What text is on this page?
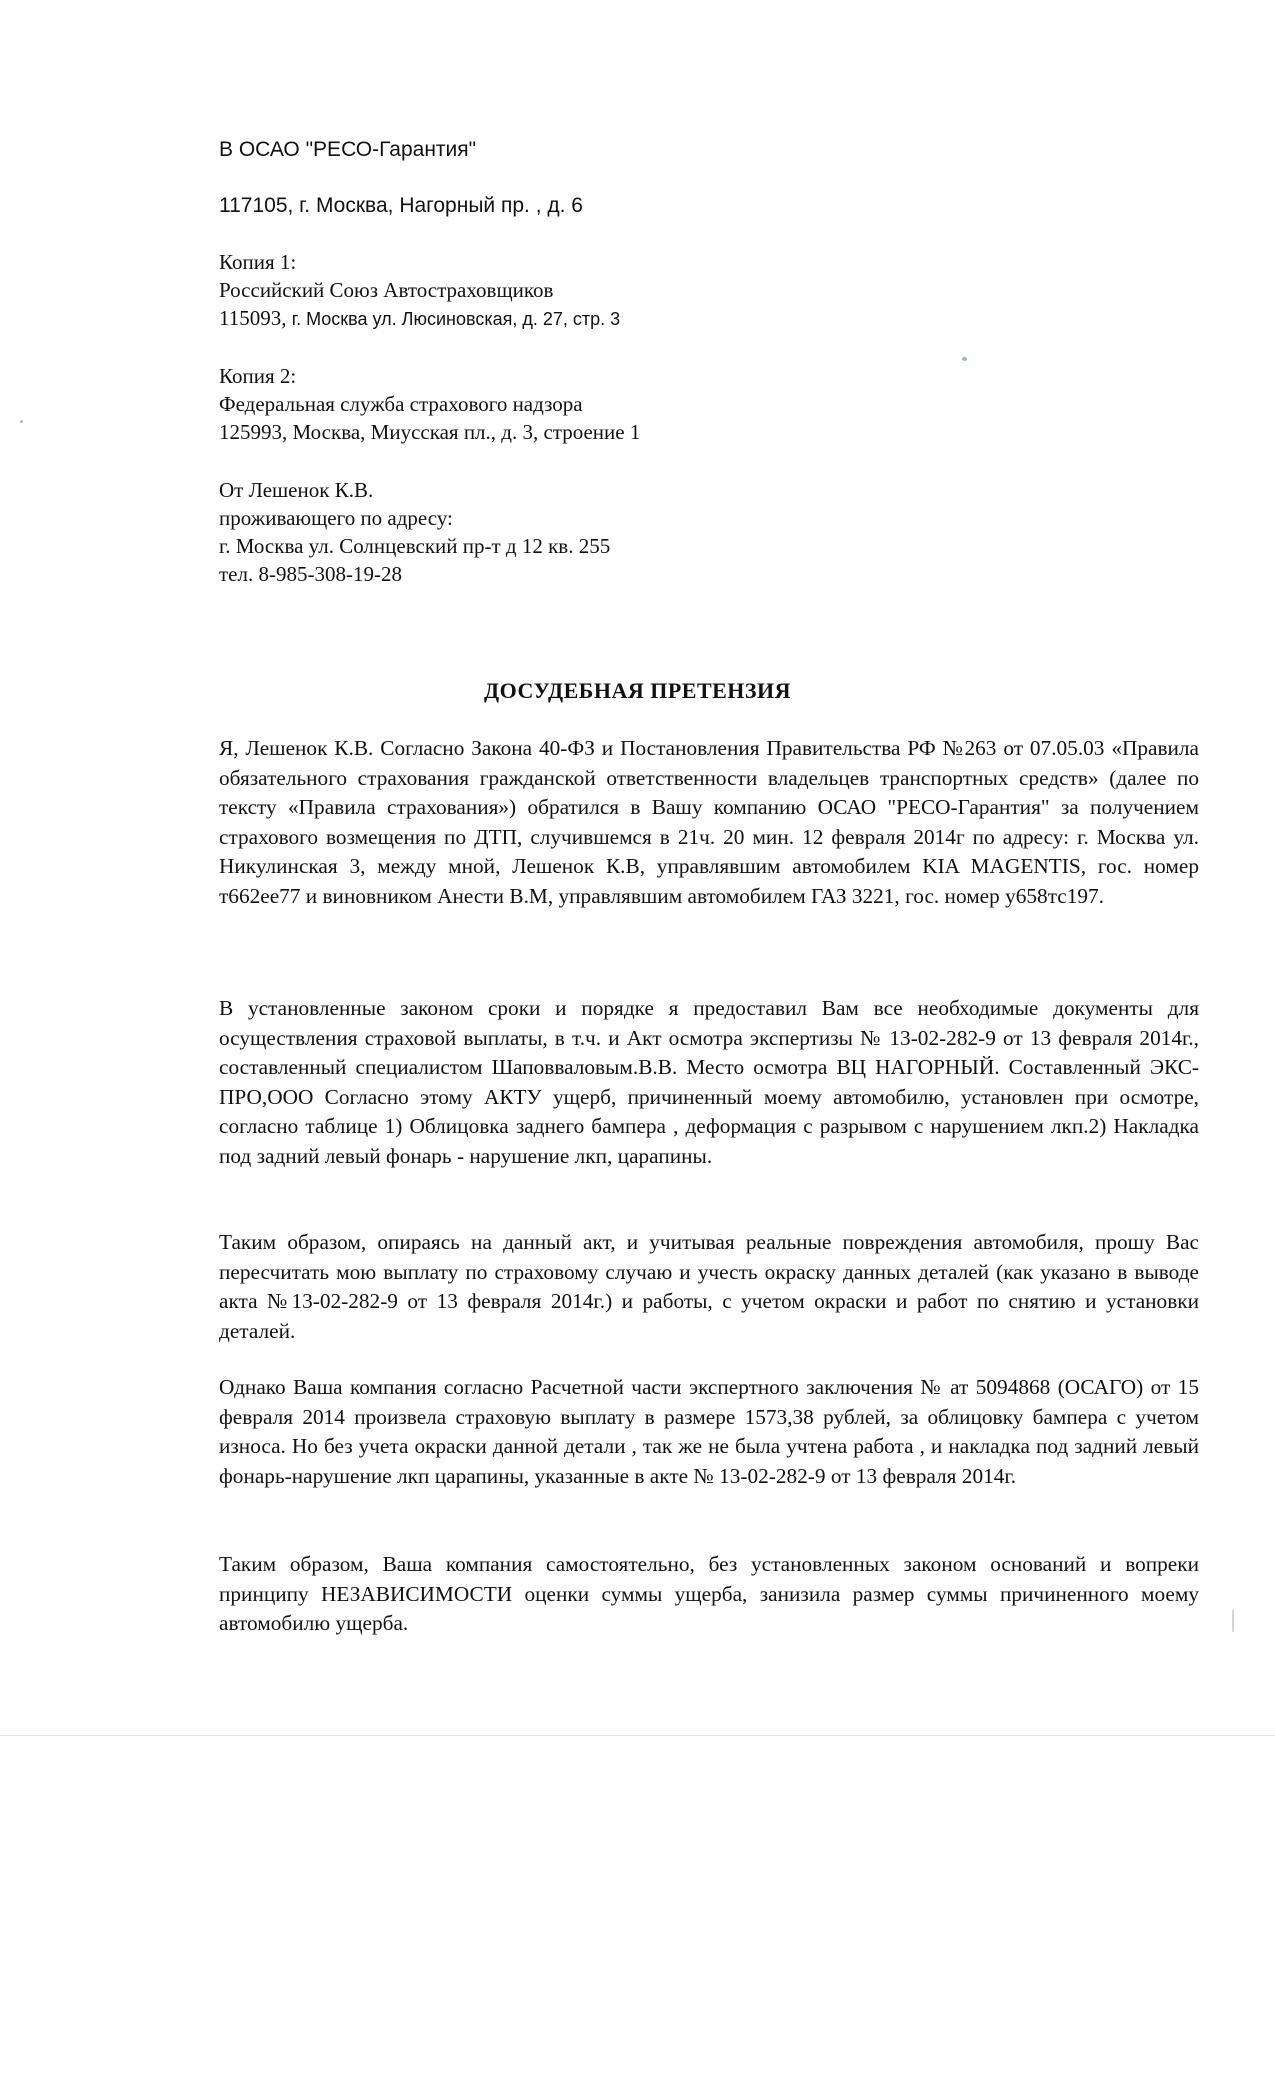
В ОСАО "РЕСО-Гарантия"
117105, г. Москва, Нагорный пр. , д. 6
Копия 1:
Российский Союз Автостраховщиков
115093, г. Москва ул. Люсиновская, д. 27, стр. 3
Копия 2:
Федеральная служба страхового надзора
125993, Москва, Миусская пл., д. 3, строение 1
От Лешенок К.В.
проживающего по адресу:
г. Москва ул. Солнцевский пр-т д 12 кв. 255
тел. 8-985-308-19-28
ДОСУДЕБНАЯ ПРЕТЕНЗИЯ
Я, Лешенок К.В. Согласно Закона 40-ФЗ и Постановления Правительства РФ №263 от 07.05.03 «Правила обязательного страхования гражданской ответственности владельцев транспортных средств» (далее по тексту «Правила страхования») обратился в Вашу компанию ОСАО "РЕСО-Гарантия" за получением страхового возмещения по ДТП, случившемся в 21ч. 20 мин. 12 февраля 2014г по адресу: г. Москва ул. Никулинская 3, между мной, Лешенок К.В, управлявшим автомобилем KIA MAGENTIS, гос. номер т662ее77 и виновником Анести В.М, управлявшим автомобилем ГАЗ 3221, гос. номер у658тс197.
В установленные законом сроки и порядке я предоставил Вам все необходимые документы для осуществления страховой выплаты, в т.ч. и Акт осмотра экспертизы № 13-02-282-9 от 13 февраля 2014г., составленный специалистом Шаповваловым.В.В. Место осмотра ВЦ НАГОРНЫЙ. Составленный ЭКС-ПРО,ООО Согласно этому АКТУ ущерб, причиненный моему автомобилю, установлен при осмотре, согласно таблице 1) Облицовка заднего бампера , деформация с разрывом с нарушением лкп.2) Накладка под задний левый фонарь - нарушение лкп, царапины.
Таким образом, опираясь на данный акт, и учитывая реальные повреждения автомобиля, прошу Вас пересчитать мою выплату по страховому случаю и учесть окраску данных деталей (как указано в выводе акта №13-02-282-9 от 13 февраля 2014г.) и работы, с учетом окраски и работ по снятию и установки деталей.
Однако Ваша компания согласно Расчетной части экспертного заключения № ат 5094868 (ОСАГО) от 15 февраля 2014 произвела страховую выплату в размере 1573,38 рублей, за облицовку бампера с учетом износа. Но без учета окраски данной детали , так же не была учтена работа , и накладка под задний левый фонарь-нарушение лкп царапины, указанные в акте № 13-02-282-9 от 13 февраля 2014г.
Таким образом, Ваша компания самостоятельно, без установленных законом оснований и вопреки принципу НЕЗАВИСИМОСТИ оценки суммы ущерба, занизила размер суммы причиненного моему автомобилю ущерба.
